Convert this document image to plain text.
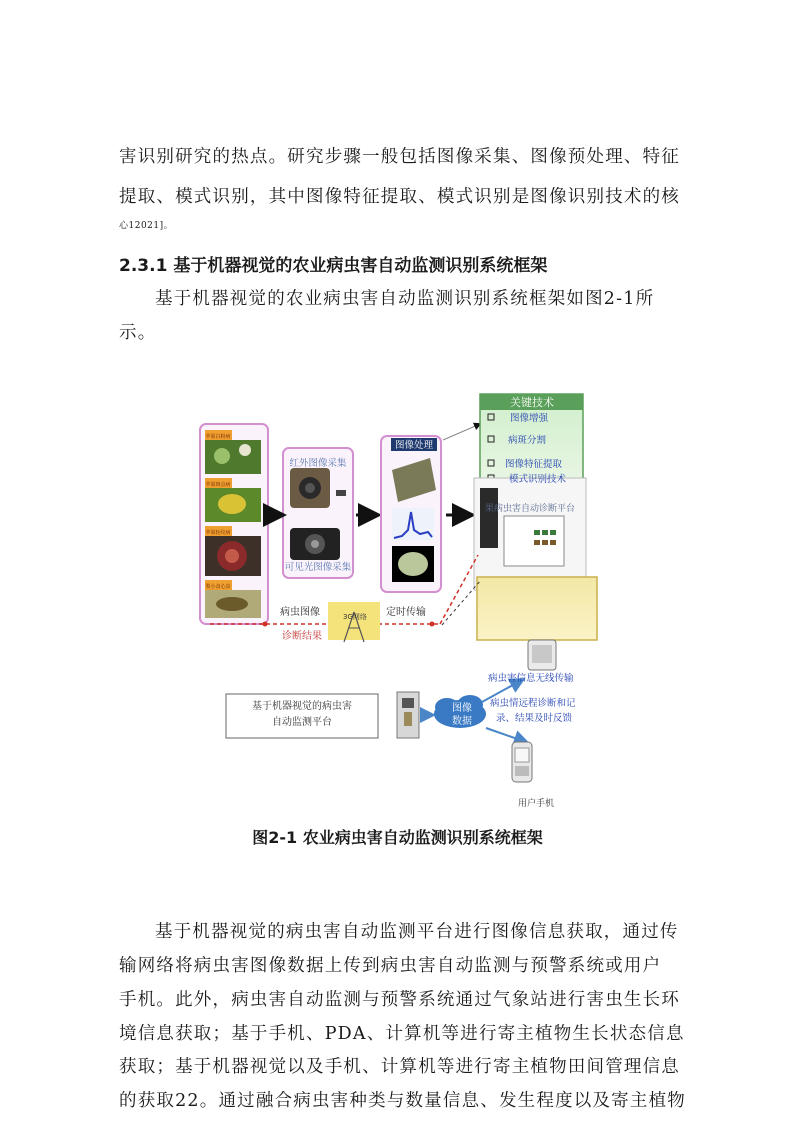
害识别研究的热点。研究步骤一般包括图像采集、图像预处理、特征
提取、模式识别，其中图像特征提取、模式识别是图像识别技术的核
心12021]。
2.3.1 基于机器视觉的农业病虫害自动监测识别系统框架
基于机器视觉的农业病虫害自动监测识别系统框架如图2-1所
示。
关键技术
图像增强
病斑分割
图像特征提取
模式识别技术
红外图像采集
可见光图像采集
图像处理
果病虫害自动诊断平台
病虫图像	3G网络 定时传输
诊断结果
基于机器视觉的病虫害
自动监测平台
图像
数据
病虫害信息无线传输
病虫情远程诊断和记
录、结果及时反馈
用户手机
苹果白粉病
苹果斑点病
苹果轮纹病
梨小食心虫
图2-1 农业病虫害自动监测识别系统框架
基于机器视觉的病虫害自动监测平台进行图像信息获取，通过传
输网络将病虫害图像数据上传到病虫害自动监测与预警系统或用户
手机。此外，病虫害自动监测与预警系统通过气象站进行害虫生长环
境信息获取；基于手机、PDA、计算机等进行寄主植物生长状态信息
获取；基于机器视觉以及手机、计算机等进行寄主植物田间管理信息
的获取22。通过融合病虫害种类与数量信息、发生程度以及寄主植物
